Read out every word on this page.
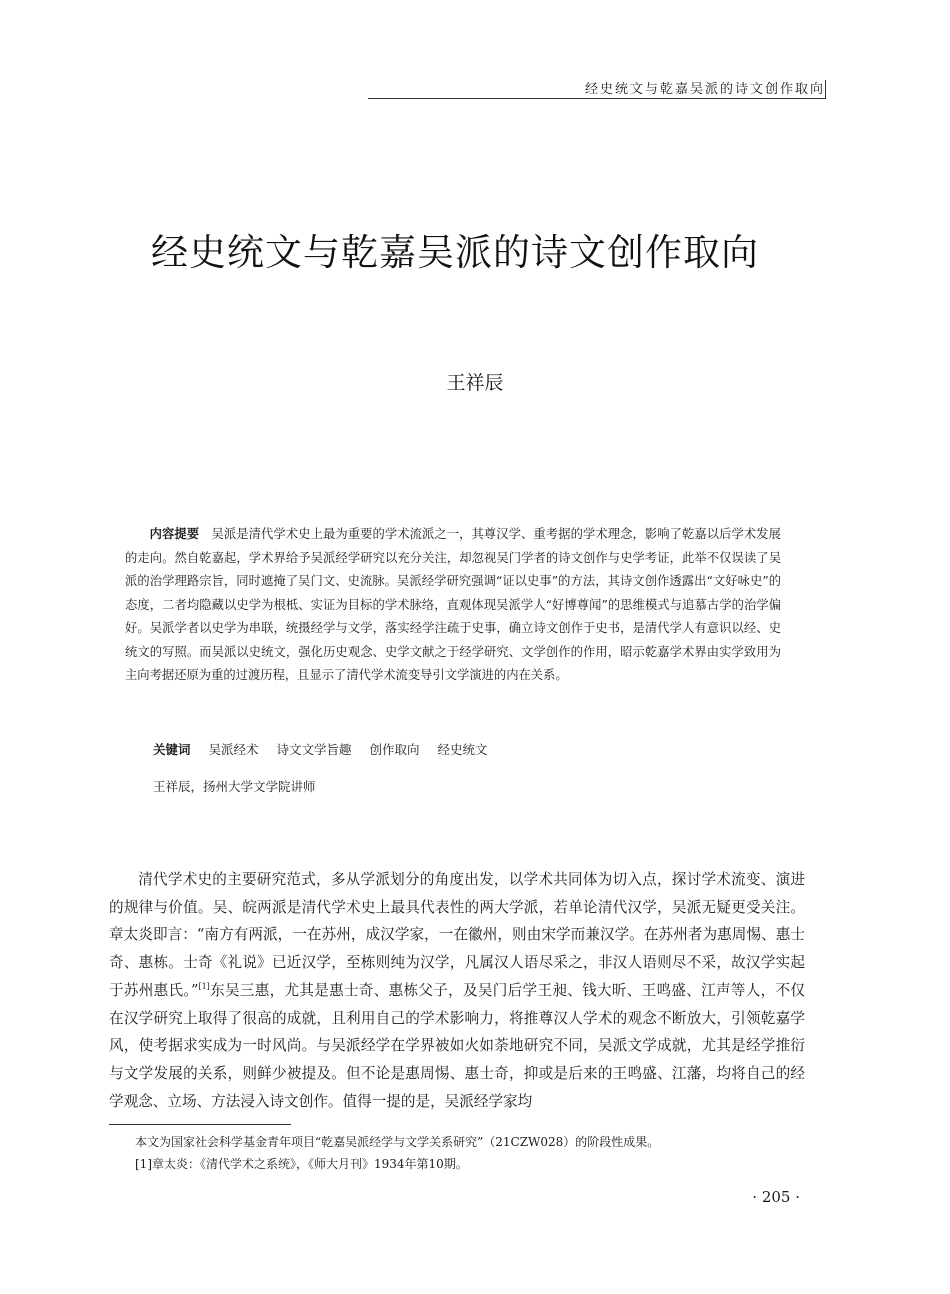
经史统文与乾嘉吴派的诗文创作取向
经史统文与乾嘉吴派的诗文创作取向
王祥辰
内容提要　 吴派是清代学术史上最为重要的学术流派之一，其尊汉学、重考据的学术理念，影响了乾嘉以后学术发展的走向。然自乾嘉起，学术界给予吴派经学研究以充分关注，却忽视吴门学者的诗文创作与史学考证，此举不仅误读了吴派的治学理路宗旨，同时遮掩了吴门文、史流脉。吴派经学研究强调“证以史事”的方法，其诗文创作透露出“文好咏史”的态度，二者均隐藏以史学为根柢、实证为目标的学术脉络，直观体现吴派学人“好博尊闻”的思维模式与追慕古学的治学偏好。吴派学者以史学为串联，统摄经学与文学，落实经学注疏于史事，确立诗文创作于史书，是清代学人有意识以经、史统文的写照。而吴派以史统文，强化历史观念、史学文献之于经学研究、文学创作的作用，昭示乾嘉学术界由实学致用为主向考据还原为重的过渡历程，且显示了清代学术流变导引文学演进的内在关系。
关键词 吴派经术 诗文文学旨趣 创作取向 经史统文
王祥辰，扬州大学文学院讲师
清代学术史的主要研究范式，多从学派划分的角度出发，以学术共同体为切入点，探讨学术流变、演进的规律与价值。吴、皖两派是清代学术史上最具代表性的两大学派，若单论清代汉学，吴派无疑更受关注。章太炎即言：“南方有两派，一在苏州，成汉学家，一在徽州，则由宋学而兼汉学。在苏州者为惠周惕、惠士奇、惠栋。士奇《礼说》已近汉学，至栋则纯为汉学，凡属汉人语尽采之，非汉人语则尽不采，故汉学实起于苏州惠氏。”[1]东吴三惠，尤其是惠士奇、惠栋父子，及吴门后学王昶、钱大昕、王鸣盛、江声等人，不仅在汉学研究上取得了很高的成就，且利用自己的学术影响力，将推尊汉人学术的观念不断放大，引领乾嘉学风，使考据求实成为一时风尚。与吴派经学在学界被如火如荼地研究不同，吴派文学成就，尤其是经学推衍与文学发展的关系，则鲜少被提及。但不论是惠周惕、惠士奇，抑或是后来的王鸣盛、江藩，均将自己的经学观念、立场、方法浸入诗文创作。值得一提的是，吴派经学家均

本文为国家社会科学基金青年项目“乾嘉吴派经学与文学关系研究”（21CZW028）的阶段性成果。

[1]章太炎：《清代学术之系统》，《师大月刊》1934年第10期。

· 205 ·
